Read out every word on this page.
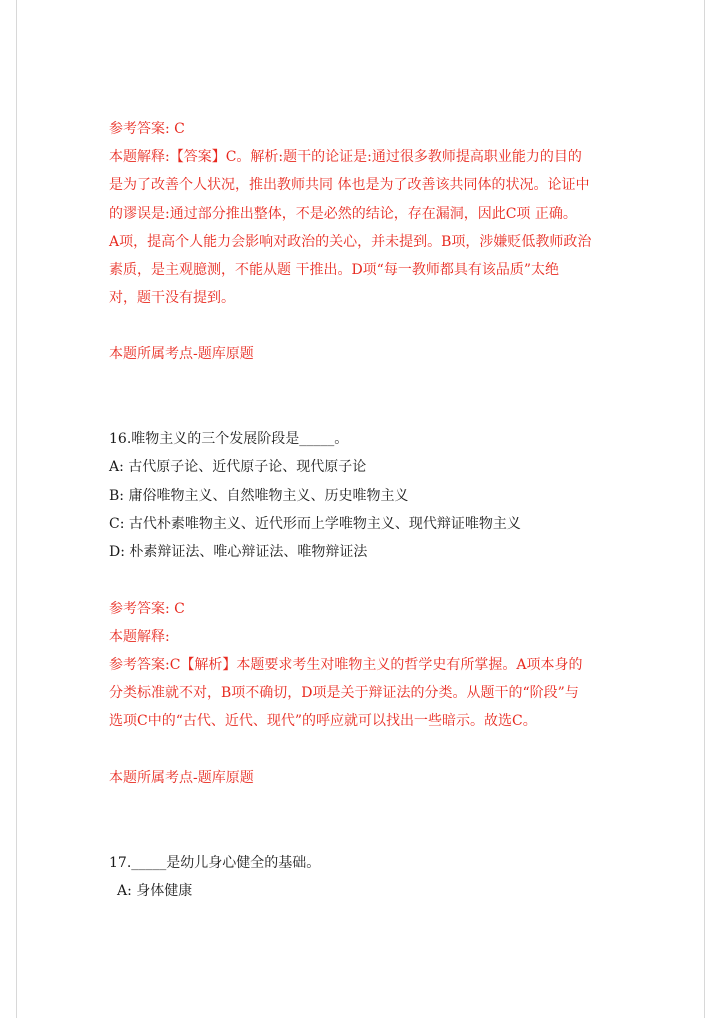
参考答案: C
本题解释:【答案】C。解析:题干的论证是:通过很多教师提高职业能力的目的
是为了改善个人状况，推出教师共同 体也是为了改善该共同体的状况。论证中
的谬误是:通过部分推出整体，不是必然的结论，存在漏洞，因此C项 正确。
A项，提高个人能力会影响对政治的关心，并未提到。B项，涉嫌贬低教师政治
素质，是主观臆测，不能从题 干推出。D项“每一教师都具有该品质”太绝
对，题干没有提到。
本题所属考点-题库原题
16.唯物主义的三个发展阶段是_____。
A: 古代原子论、近代原子论、现代原子论
B: 庸俗唯物主义、自然唯物主义、历史唯物主义
C: 古代朴素唯物主义、近代形而上学唯物主义、现代辩证唯物主义
D: 朴素辩证法、唯心辩证法、唯物辩证法
参考答案: C
本题解释:
参考答案:C【解析】本题要求考生对唯物主义的哲学史有所掌握。A项本身的
分类标准就不对，B项不确切，D项是关于辩证法的分类。从题干的“阶段”与
选项C中的“古代、近代、现代”的呼应就可以找出一些暗示。故选C。
本题所属考点-题库原题
17._____是幼儿身心健全的基础。
A: 身体健康
